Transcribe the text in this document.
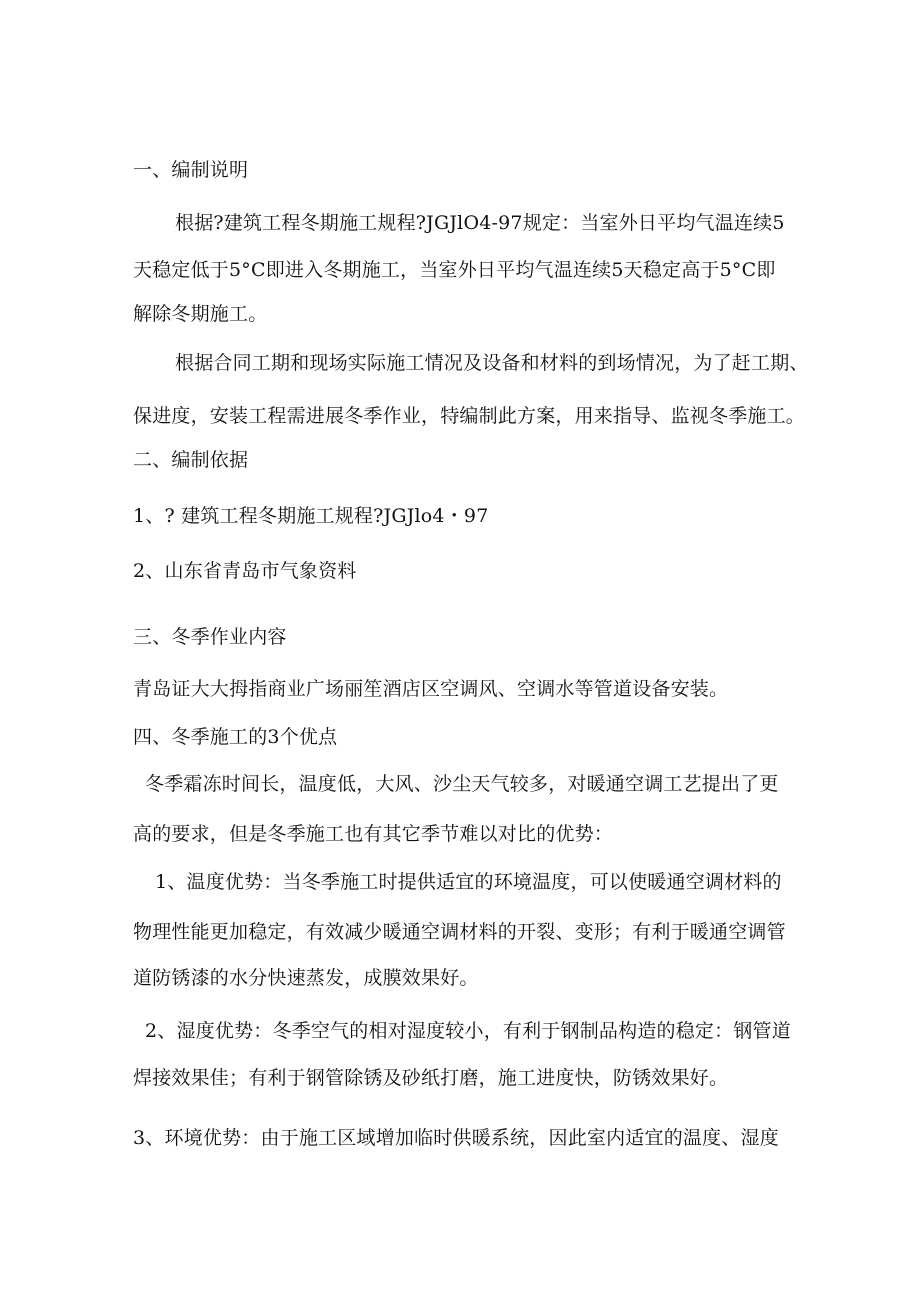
一、编制说明
根据?建筑工程冬期施工规程?JGJlO4-97规定：当室外日平均气温连续5
天稳定低于5°C即进入冬期施工，当室外日平均气温连续5天稳定高于5°C即
解除冬期施工。
根据合同工期和现场实际施工情况及设备和材料的到场情况，为了赶工期、
保进度，安装工程需进展冬季作业，特编制此方案，用来指导、监视冬季施工。
二、编制依据
1、? 建筑工程冬期施工规程?JGJlo4・97
2、山东省青岛市气象资料
三、冬季作业内容
青岛证大大拇指商业广场丽笙酒店区空调风、空调水等管道设备安装。
四、冬季施工的3个优点
冬季霜冻时间长，温度低，大风、沙尘天气较多，对暖通空调工艺提出了更
高的要求，但是冬季施工也有其它季节难以对比的优势：
1、温度优势：当冬季施工时提供适宜的环境温度，可以使暖通空调材料的
物理性能更加稳定，有效减少暖通空调材料的开裂、变形；有利于暖通空调管
道防锈漆的水分快速蒸发，成膜效果好。
2、湿度优势：冬季空气的相对湿度较小，有利于钢制品构造的稳定：钢管道
焊接效果佳；有利于钢管除锈及砂纸打磨，施工进度快，防锈效果好。
3、环境优势：由于施工区域增加临时供暖系统，因此室内适宜的温度、湿度
